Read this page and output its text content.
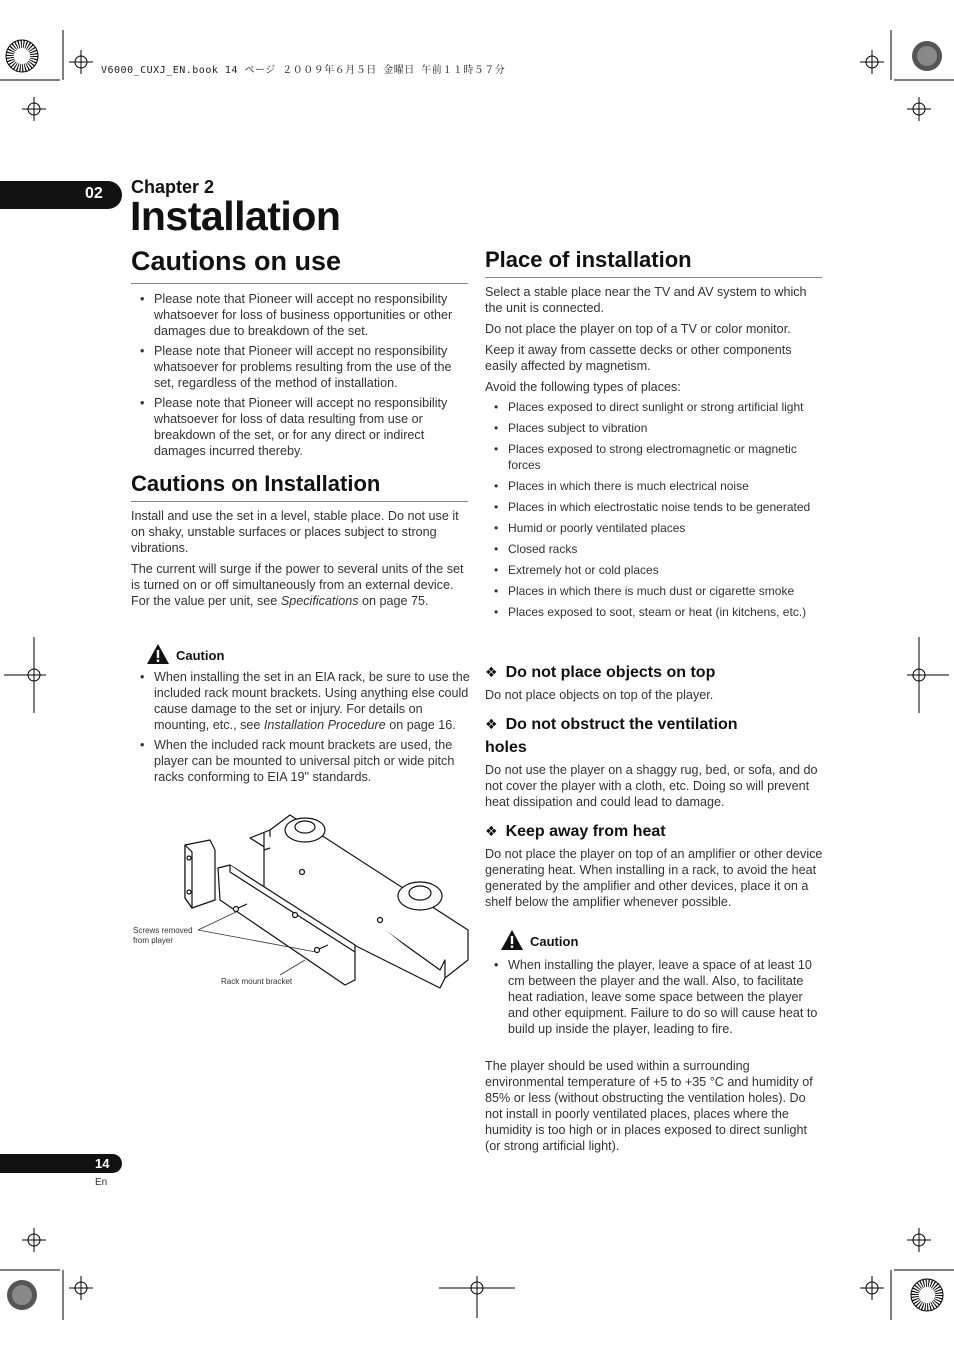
V6000_CUXJ_EN.book 14 ページ ２００９年６月５日 金曜日 午前１１時５７分
02 Chapter 2
Installation
Cautions on use
• Please note that Pioneer will accept no responsibility whatsoever for loss of business opportunities or other damages due to breakdown of the set.
• Please note that Pioneer will accept no responsibility whatsoever for problems resulting from the use of the set, regardless of the method of installation.
• Please note that Pioneer will accept no responsibility whatsoever for loss of data resulting from use or breakdown of the set, or for any direct or indirect damages incurred thereby.
Cautions on Installation

Install and use the set in a level, stable place. Do not use it on shaky, unstable surfaces or places subject to strong vibrations.

The current will surge if the power to several units of the set is turned on or off simultaneously from an external device. For the value per unit, see Specifications on page 75.

Caution
• When installing the set in an EIA rack, be sure to use the included rack mount brackets. Using anything else could cause damage to the set or injury. For details on mounting, etc., see Installation Procedure on page 16.
• When the included rack mount brackets are used, the player can be mounted to universal pitch or wide pitch racks conforming to EIA 19" standards.
Screws removed
from player
Rack mount bracket
Place of installation

Select a stable place near the TV and AV system to which the unit is connected.

Do not place the player on top of a TV or color monitor.

Keep it away from cassette decks or other components easily affected by magnetism.

Avoid the following types of places:

• Places exposed to direct sunlight or strong artificial light
• Places subject to vibration
• Places exposed to strong electromagnetic or magnetic forces
• Places in which there is much electrical noise
• Places in which electrostatic noise tends to be generated
• Humid or poorly ventilated places
• Closed racks
• Extremely hot or cold places
• Places in which there is much dust or cigarette smoke
• Places exposed to soot, steam or heat (in kitchens, etc.)
❖ Do not place objects on top
Do not place objects on top of the player.
❖ Do not obstruct the ventilation
holes
Do not use the player on a shaggy rug, bed, or sofa, and do not cover the player with a cloth, etc. Doing so will prevent heat dissipation and could lead to damage.
❖ Keep away from heat
Do not place the player on top of an amplifier or other device generating heat. When installing in a rack, to avoid the heat generated by the amplifier and other devices, place it on a shelf below the amplifier whenever possible.
Caution
• When installing the player, leave a space of at least 10 cm between the player and the wall. Also, to facilitate heat radiation, leave some space between the player and other equipment. Failure to do so will cause heat to build up inside the player, leading to fire.
The player should be used within a surrounding environmental temperature of +5 to +35 °C and humidity of 85% or less (without obstructing the ventilation holes). Do not install in poorly ventilated places, places where the humidity is too high or in places exposed to direct sunlight (or strong artificial light).
14
En
